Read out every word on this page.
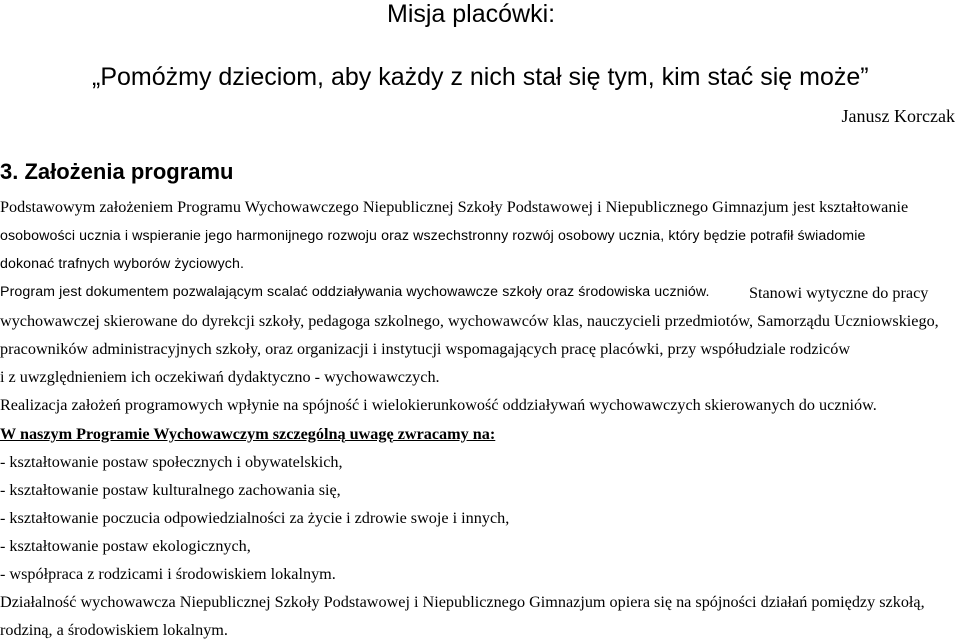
Misja placówki:
„Pomóżmy dzieciom, aby każdy z nich stał się tym, kim stać się może”
Janusz Korczak
3. Założenia programu
Podstawowym założeniem Programu Wychowawczego Niepublicznej Szkoły Podstawowej i Niepublicznego Gimnazjum jest kształtowanie
osobowości ucznia i wspieranie jego harmonijnego rozwoju oraz wszechstronny rozwój osobowy ucznia, który będzie potrafił świadomie
dokonać trafnych wyborów życiowych.
Program jest dokumentem pozwalającym scalać oddziaływania wychowawcze szkoły oraz środowiska uczniów. Stanowi wytyczne do pracy
wychowawczej skierowane do dyrekcji szkoły, pedagoga szkolnego, wychowawców klas, nauczycieli przedmiotów, Samorządu Uczniowskiego,
pracowników administracyjnych szkoły, oraz organizacji i instytucji wspomagających pracę placówki, przy współudziale rodziców
i z uwzględnieniem ich oczekiwań dydaktyczno - wychowawczych.
Realizacja założeń programowych wpłynie na spójność i wielokierunkowość oddziaływań wychowawczych skierowanych do uczniów.
W naszym Programie Wychowawczym szczególną uwagę zwracamy na:
- kształtowanie postaw społecznych i obywatelskich,
- kształtowanie postaw kulturalnego zachowania się,
- kształtowanie poczucia odpowiedzialności za życie i zdrowie swoje i innych,
- kształtowanie postaw ekologicznych,
- współpraca z rodzicami i środowiskiem lokalnym.
Działalność wychowawcza Niepublicznej Szkoły Podstawowej i Niepublicznego Gimnazjum opiera się na spójności działań pomiędzy szkołą,
rodziną, a środowiskiem lokalnym.
